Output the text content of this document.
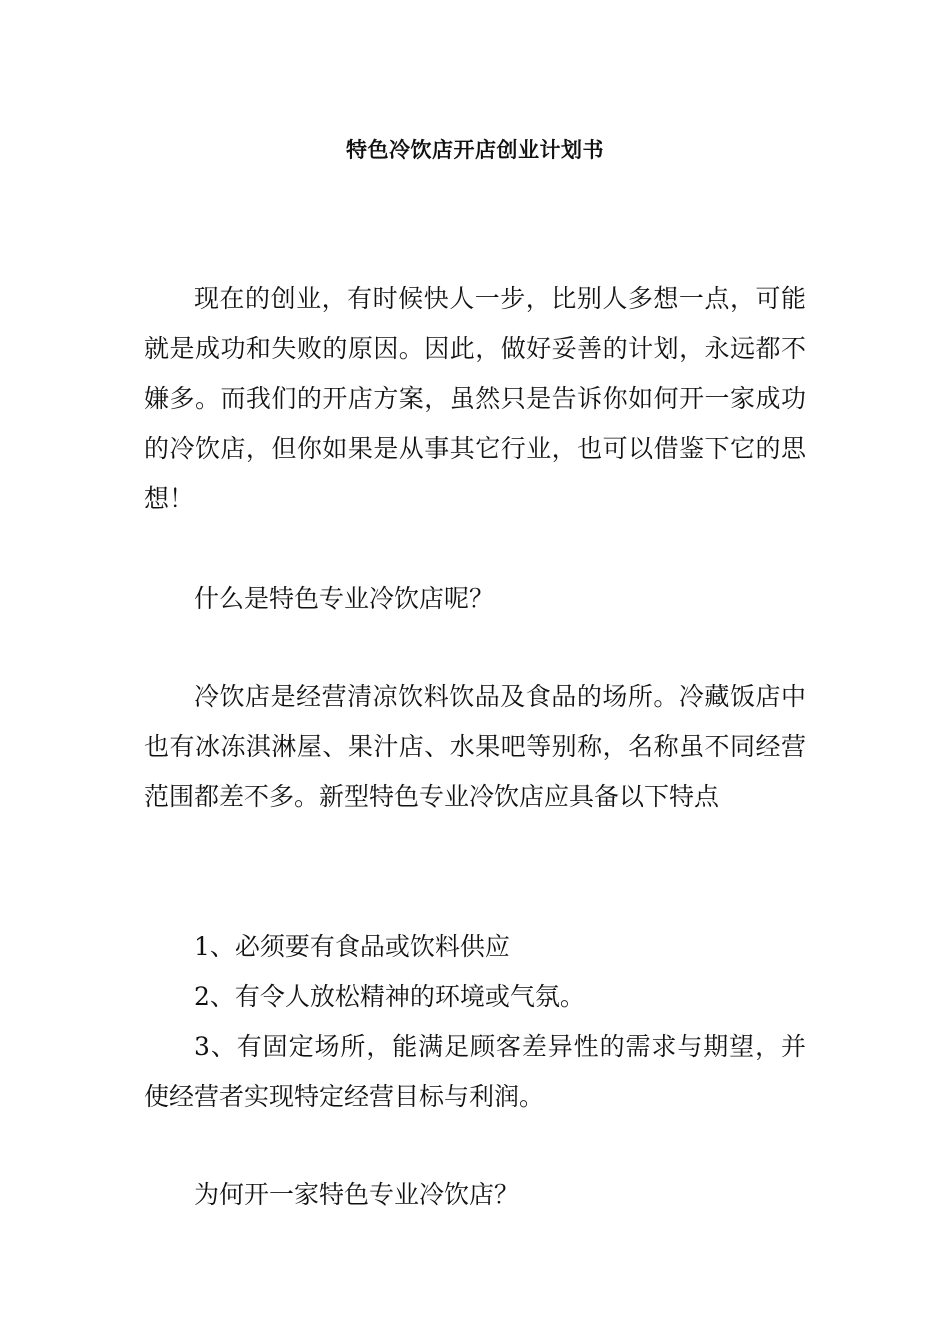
特色冷饮店开店创业计划书

现在的创业，有时候快人一步，比别人多想一点，可能就是成功和失败的原因。因此，做好妥善的计划，永远都不嫌多。而我们的开店方案，虽然只是告诉你如何开一家成功的冷饮店，但你如果是从事其它行业，也可以借鉴下它的思想！

什么是特色专业冷饮店呢？

冷饮店是经营清凉饮料饮品及食品的场所。冷藏饭店中也有冰冻淇淋屋、果汁店、水果吧等别称，名称虽不同经营范围都差不多。新型特色专业冷饮店应具备以下特点

1、必须要有食品或饮料供应

2、有令人放松精神的环境或气氛。

3、有固定场所，能满足顾客差异性的需求与期望，并使经营者实现特定经营目标与利润。

为何开一家特色专业冷饮店？
